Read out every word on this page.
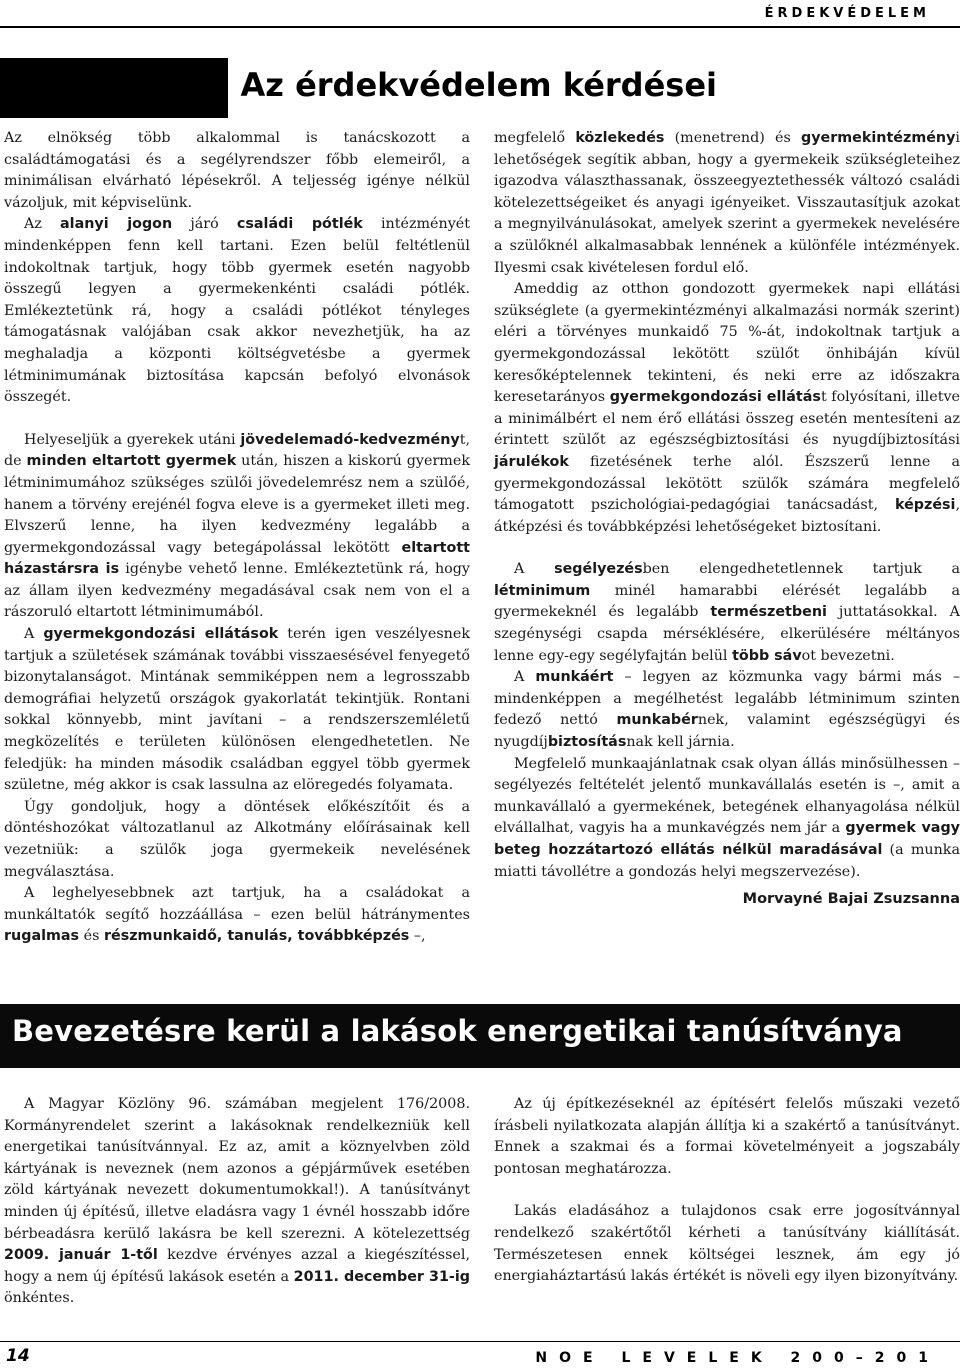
ÉRDEKVÉDELEM
Az érdekvédelem kérdései

Az elnökség több alkalommal is tanácskozott a családtámogatási és a segélyrendszer főbb elemeiről, a minimálisan elvárható lépésekről. A teljesség igénye nélkül vázoljuk, mit képviselünk.

Az alanyi jogon járó családi pótlék intézményét mindenképpen fenn kell tartani. Ezen belül feltétlenül indokoltnak tartjuk, hogy több gyermek esetén nagyobb összegű legyen a gyermekenkénti családi pótlék. Emlékeztetünk rá, hogy a családi pótlékot tényleges támogatásnak valójában csak akkor nevezhetjük, ha az meghaladja a központi költségvetésbe a gyermek létminimumának biztosítása kapcsán befolyó elvonások összegét.

Helyeseljük a gyerekek utáni jövedelemadó-kedvezményt, de minden eltartott gyermek után, hiszen a kiskorú gyermek létminimumához szükséges szülői jövedelemrész nem a szülőé, hanem a törvény erejénél fogva eleve is a gyermeket illeti meg. Elvszerű lenne, ha ilyen kedvezmény legalább a gyermekgondozással vagy betegápolással lekötött eltartott házastársra is igénybe vehető lenne. Emlékeztetünk rá, hogy az állam ilyen kedvezmény megadásával csak nem von el a rászoruló eltartott létminimumából.

A gyermekgondozási ellátások terén igen veszélyesnek tartjuk a születések számának további visszaesésével fenyegető bizonytalanságot. Mintának semmiképpen nem a legrosszabb demográfiai helyzetű országok gyakorlatát tekintjük. Rontani sokkal könnyebb, mint javítani – a rendszerszemléletű megközelítés e területen különösen elengedhetetlen. Ne feledjük: ha minden második családban eggyel több gyermek születne, még akkor is csak lassulna az elöregedés folyamata.

Úgy gondoljuk, hogy a döntések előkészítőit és a döntéshozókat változatlanul az Alkotmány előírásainak kell vezetniük: a szülők joga gyermekeik nevelésének megválasztása.

A leghelyesebbnek azt tartjuk, ha a családokat a munkáltatók segítő hozzáállása – ezen belül hátránymentes rugalmas és részmunkaidő, tanulás, továbbképzés –,

megfelelő közlekedés (menetrend) és gyermekintézményi lehetőségek segítik abban, hogy a gyermekeik szükségleteihez igazodva választhassanak, összeegyeztethessék változó családi kötelezettségeiket és anyagi igényeiket. Visszautasítjuk azokat a megnyilvánulásokat, amelyek szerint a gyermekek nevelésére a szülőknél alkalmasabbak lennének a különféle intézmények. Ilyesmi csak kivételesen fordul elő.

Ameddig az otthon gondozott gyermekek napi ellátási szükséglete (a gyermekintézményi alkalmazási normák szerint) eléri a törvényes munkaidő 75 %-át, indokoltnak tartjuk a gyermekgondozással lekötött szülőt önhibáján kívül keresőképtelennek tekinteni, és neki erre az időszakra keresetarányos gyermekgondozási ellátást folyósítani, illetve a minimálbért el nem érő ellátási összeg esetén mentesíteni az érintett szülőt az egészségbiztosítási és nyugdíjbiztosítási járulékok fizetésének terhe alól. Észszerű lenne a gyermekgondozással lekötött szülők számára megfelelő támogatott pszichológiai-pedagógiai tanácsadást, képzési, átképzési és továbbképzési lehetőségeket biztosítani.

A segélyezésben elengedhetetlennek tartjuk a létminimum minél hamarabbi elérését legalább a gyermekeknél és legalább természetbeni juttatásokkal. A szegénységi csapda mérséklésére, elkerülésére méltányos lenne egy-egy segélyfajtán belül több sávot bevezetni.

A munkáért – legyen az közmunka vagy bármi más – mindenképpen a megélhetést legalább létminimum szinten fedező nettó munkabérnek, valamint egészségügyi és nyugdíjbiztosításnak kell járnia.

Megfelelő munkaajánlatnak csak olyan állás minősülhessen – segélyezés feltételét jelentő munkavállalás esetén is –, amit a munkavállaló a gyermekének, betegének elhanyagolása nélkül elvállalhat, vagyis ha a munkavégzés nem jár a gyermek vagy beteg hozzátartozó ellátás nélkül maradásával (a munka miatti távollétre a gondozás helyi megszervezése).

Morvayné Bajai Zsuzsanna
Bevezetésre kerül a lakások energetikai tanúsítványa

A Magyar Közlöny 96. számában megjelent 176/2008. Kormányrendelet szerint a lakásoknak rendelkezniük kell energetikai tanúsítvánnyal. Ez az, amit a köznyelvben zöld kártyának is neveznek (nem azonos a gépjárművek esetében zöld kártyának nevezett dokumentumokkal!). A tanúsítványt minden új építésű, illetve eladásra vagy 1 évnél hosszabb időre bérbeadásra kerülő lakásra be kell szerezni. A kötelezettség 2009. január 1-től kezdve érvényes azzal a kiegészítéssel, hogy a nem új építésű lakások esetén a 2011. december 31-ig önkéntes.

Az új építkezéseknél az építésért felelős műszaki vezető írásbeli nyilatkozata alapján állítja ki a szakértő a tanúsítványt. Ennek a szakmai és a formai követelményeit a jogszabály pontosan meghatározza.

Lakás eladásához a tulajdonos csak erre jogosítvánnyal rendelkező szakértőtől kérheti a tanúsítvány kiállítását. Természetesen ennek költségei lesznek, ám egy jó energiaháztartású lakás értékét is növeli egy ilyen bizonyítvány.

14	NOE LEVELEK 200–201
